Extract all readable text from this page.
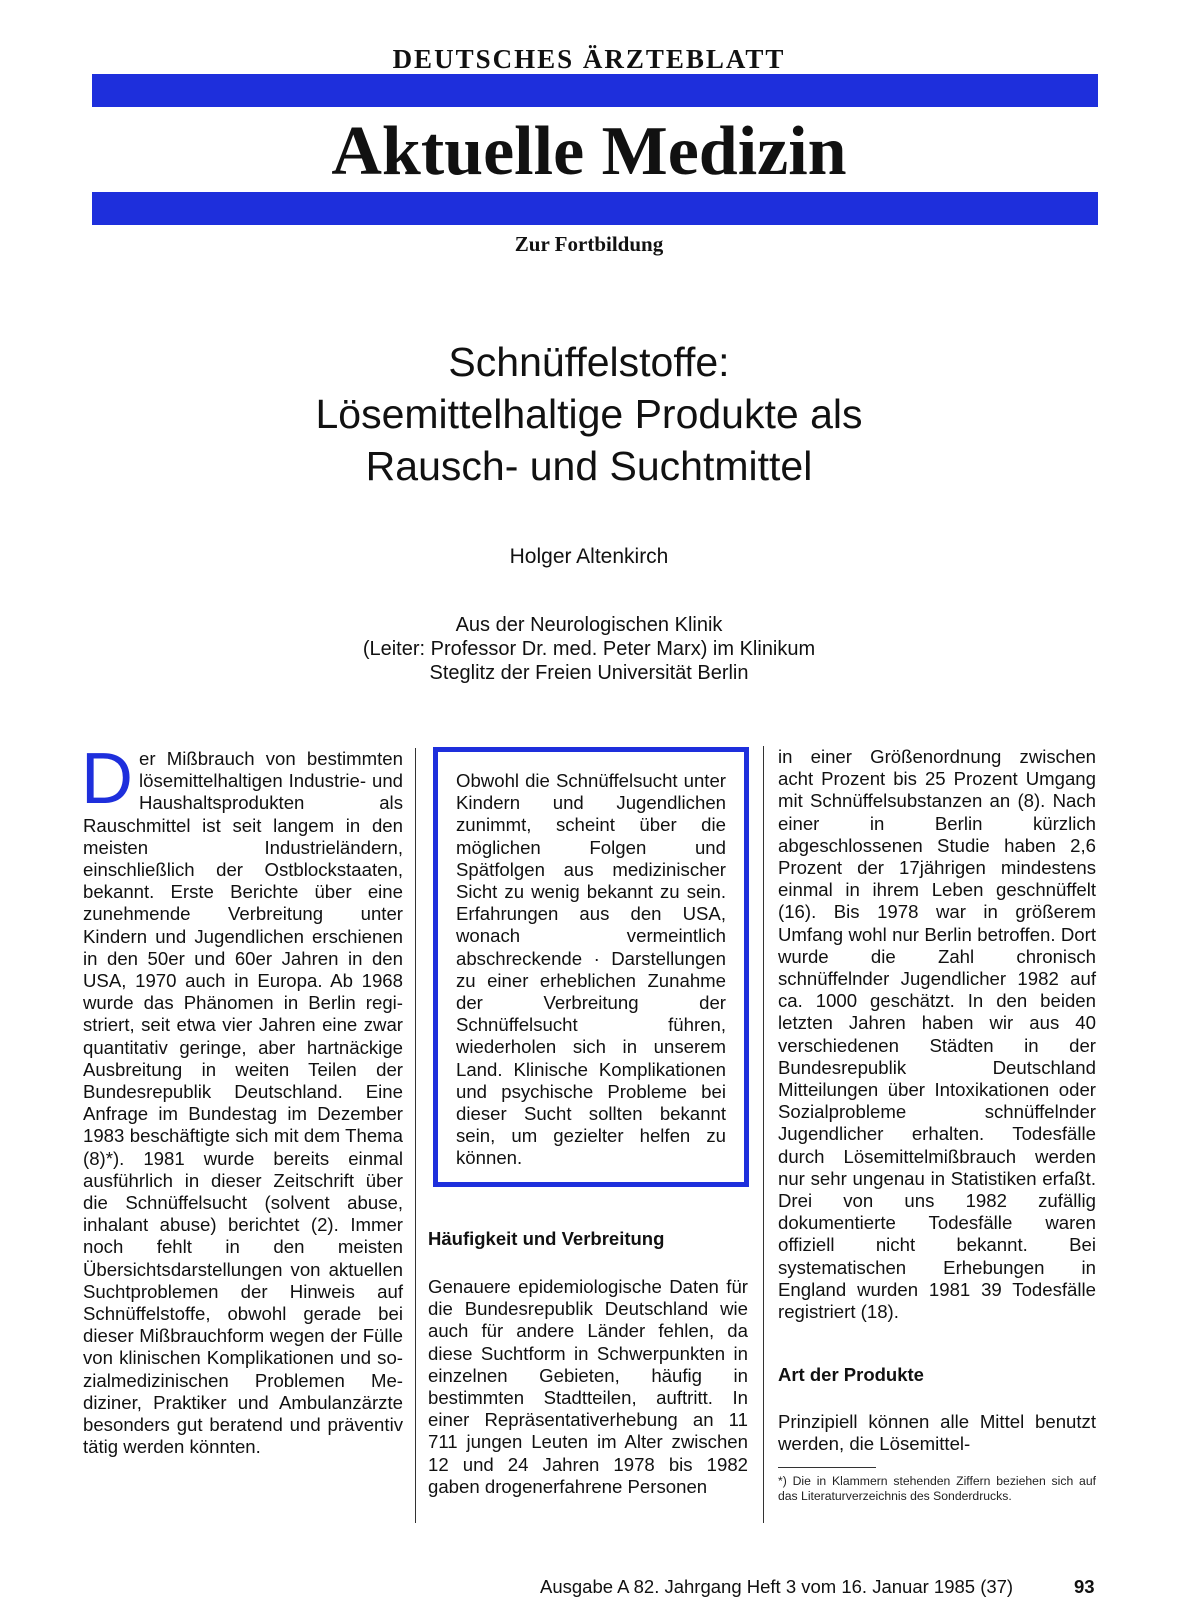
DEUTSCHES ÄRZTEBLATT
Aktuelle Medizin
Zur Fortbildung
Schnüffelstoffe:
Lösemittelhaltige Produkte als
Rausch- und Suchtmittel
Holger Altenkirch
Aus der Neurologischen Klinik
(Leiter: Professor Dr. med. Peter Marx) im Klinikum
Steglitz der Freien Universität Berlin
D er Mißbrauch von bestimmten lösemittelhaltigen Industrie- und Haushaltsprodukten als Rauschmittel ist seit langem in den meisten Industrieländern, einschließlich der Ostblockstaaten, bekannt. Erste Berichte über eine zunehmende Verbreitung unter Kindern und Jugendlichen erschienen in den 50er und 60er Jahren in den USA, 1970 auch in Europa. Ab 1968 wurde das Phänomen in Berlin registriert, seit etwa vier Jahren eine zwar quantitativ geringe, aber hartnäckige Ausbreitung in weiten Teilen der Bundesrepublik Deutschland. Eine Anfrage im Bundestag im Dezember 1983 beschäftigte sich mit dem Thema (8)*). 1981 wurde bereits einmal ausführlich in dieser Zeitschrift über die Schnüffelsucht (solvent abuse, inhalant abuse) berichtet (2). Immer noch fehlt in den meisten Übersichtsdarstellungen von aktuellen Suchtproblemen der Hinweis auf Schnüffelstoffe, obwohl gerade bei dieser Mißbrauchform wegen der Fülle von klinischen Komplikationen und sozialmedizinischen Problemen Mediziner, Praktiker und Ambulanzärzte besonders gut beratend und präventiv tätig werden könnten.
Obwohl die Schnüffelsucht unter Kindern und Jugendlichen zunimmt, scheint über die möglichen Folgen und Spätfolgen aus medizinischer Sicht zu wenig bekannt zu sein. Erfahrungen aus den USA, wonach vermeintlich abschreckende · Darstellungen zu einer erheblichen Zunahme der Verbreitung der Schnüffelsucht führen, wiederholen sich in unserem Land. Klinische Komplikationen und psychische Probleme bei dieser Sucht sollten bekannt sein, um gezielter helfen zu können.
Häufigkeit und Verbreitung
Genauere epidemiologische Daten für die Bundesrepublik Deutschland wie auch für andere Länder fehlen, da diese Suchtform in Schwerpunkten in einzelnen Gebieten, häufig in bestimmten Stadtteilen, auftritt. In einer Repräsentativerhebung an 11 711 jungen Leuten im Alter zwischen 12 und 24 Jahren 1978 bis 1982 gaben drogenerfahrene Personen
in einer Größenordnung zwischen acht Prozent bis 25 Prozent Umgang mit Schnüffelsubstanzen an (8). Nach einer in Berlin kürzlich abgeschlossenen Studie haben 2,6 Prozent der 17jährigen mindestens einmal in ihrem Leben geschnüffelt (16). Bis 1978 war in größerem Umfang wohl nur Berlin betroffen. Dort wurde die Zahl chronisch schnüffelnder Jugendlicher 1982 auf ca. 1000 geschätzt. In den beiden letzten Jahren haben wir aus 40 verschiedenen Städten in der Bundesrepublik Deutschland Mitteilungen über Intoxikationen oder Sozialprobleme schnüffelnder Jugendlicher erhalten. Todesfälle durch Lösemittelmißbrauch werden nur sehr ungenau in Statistiken erfaßt. Drei von uns 1982 zufällig dokumentierte Todesfälle waren offiziell nicht bekannt. Bei systematischen Erhebungen in England wurden 1981 39 Todesfälle registriert (18).
Art der Produkte
Prinzipiell können alle Mittel benutzt werden, die Lösemittel-
*) Die in Klammern stehenden Ziffern beziehen sich auf das Literaturverzeichnis des Sonderdrucks.
Ausgabe A 82. Jahrgang Heft 3 vom 16. Januar 1985 (37)	93
